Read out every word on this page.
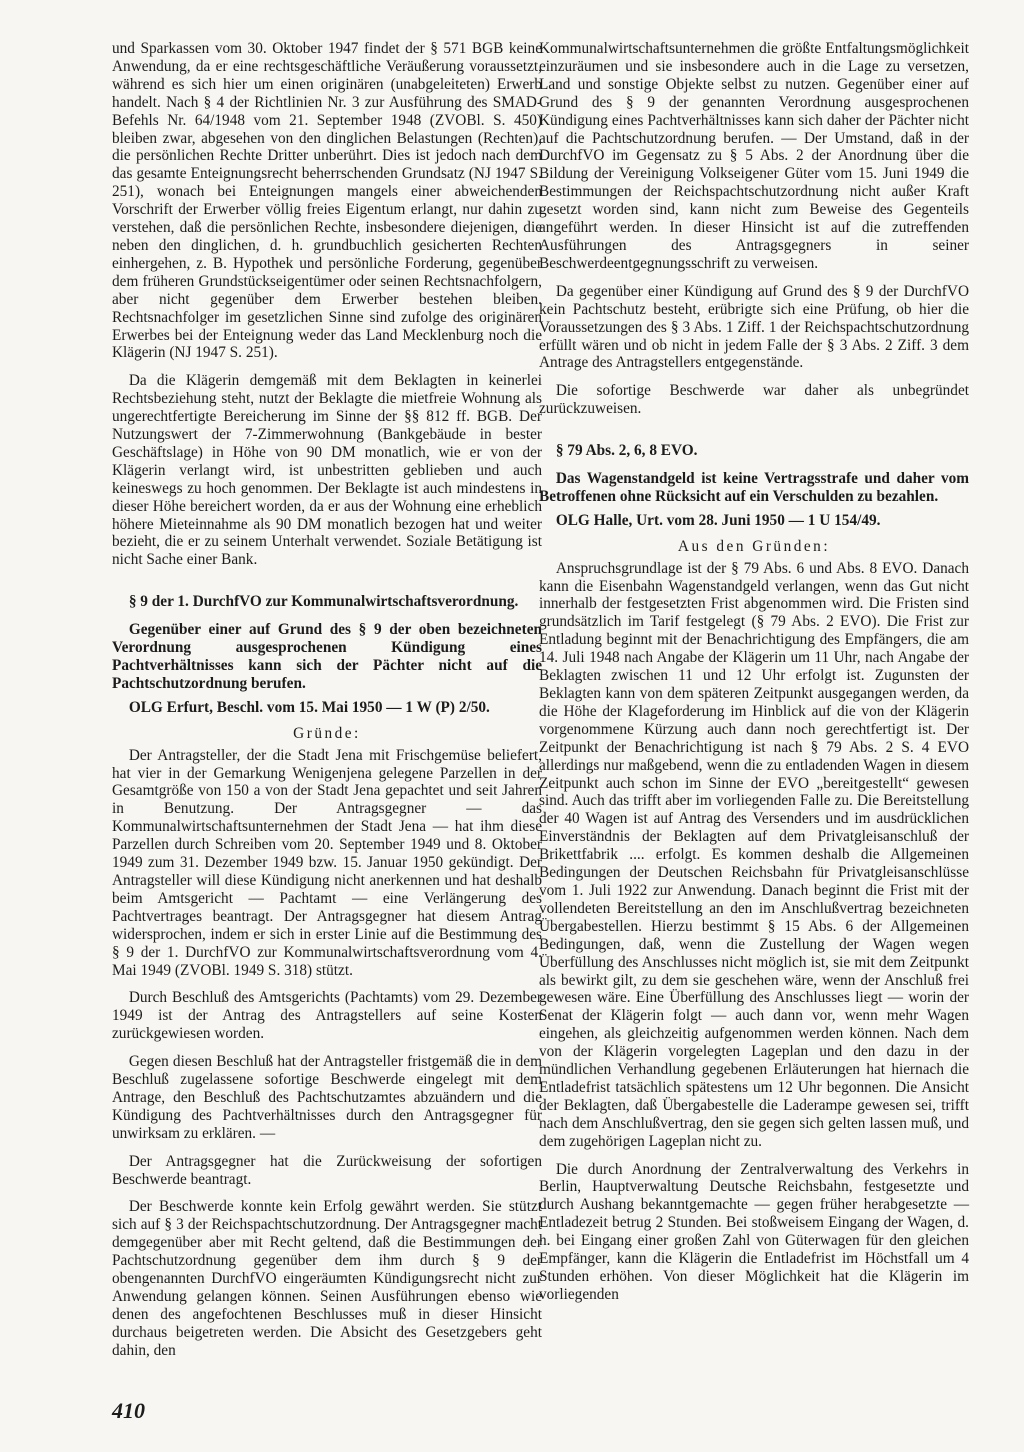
und Sparkassen vom 30. Oktober 1947 findet der § 571 BGB keine Anwendung, da er eine rechtsgeschäftliche Veräußerung voraussetzt, während es sich hier um einen originären (unabgeleiteten) Erwerb handelt. Nach § 4 der Richtlinien Nr. 3 zur Ausführung des SMAD-Befehls Nr. 64/1948 vom 21. September 1948 (ZVOBl. S. 450) bleiben zwar, abgesehen von den dinglichen Belastungen (Rechten), die persönlichen Rechte Dritter unberührt. Dies ist jedoch nach dem das gesamte Enteignungsrecht beherrschenden Grundsatz (NJ 1947 S. 251), wonach bei Enteignungen mangels einer abweichenden Vorschrift der Erwerber völlig freies Eigentum erlangt, nur dahin zu verstehen, daß die persönlichen Rechte, insbesondere diejenigen, die neben den dinglichen, d. h. grundbuchlich gesicherten Rechten einhergehen, z. B. Hypothek und persönliche Forderung, gegenüber dem früheren Grundstückseigentümer oder seinen Rechtsnachfolgern, aber nicht gegenüber dem Erwerber bestehen bleiben. Rechtsnachfolger im gesetzlichen Sinne sind zufolge des originären Erwerbes bei der Enteignung weder das Land Mecklenburg noch die Klägerin (NJ 1947 S. 251).

Da die Klägerin demgemäß mit dem Beklagten in keinerlei Rechtsbeziehung steht, nutzt der Beklagte die mietfreie Wohnung als ungerechtfertigte Bereicherung im Sinne der §§ 812 ff. BGB. Der Nutzungswert der 7-Zimmerwohnung (Bankgebäude in bester Geschäftslage) in Höhe von 90 DM monatlich, wie er von der Klägerin verlangt wird, ist unbestritten geblieben und auch keineswegs zu hoch genommen. Der Beklagte ist auch mindestens in dieser Höhe bereichert worden, da er aus der Wohnung eine erheblich höhere Mieteinnahme als 90 DM monatlich bezogen hat und weiter bezieht, die er zu seinem Unterhalt verwendet. Soziale Betätigung ist nicht Sache einer Bank.

§ 9 der 1. DurchfVO zur Kommunalwirtschaftsverordnung.

Gegenüber einer auf Grund des § 9 der oben bezeichneten Verordnung ausgesprochenen Kündigung eines Pachtverhältnisses kann sich der Pächter nicht auf die Pachtschutzordnung berufen.

OLG Erfurt, Beschl. vom 15. Mai 1950 — 1 W (P) 2/50.

Gründe:

Der Antragsteller, der die Stadt Jena mit Frischgemüse beliefert, hat vier in der Gemarkung Wenigenjena gelegene Parzellen in der Gesamtgröße von 150 a von der Stadt Jena gepachtet und seit Jahren in Benutzung. Der Antragsgegner — das Kommunalwirtschaftsunternehmen der Stadt Jena — hat ihm diese Parzellen durch Schreiben vom 20. September 1949 und 8. Oktober 1949 zum 31. Dezember 1949 bzw. 15. Januar 1950 gekündigt. Der Antragsteller will diese Kündigung nicht anerkennen und hat deshalb beim Amtsgericht — Pachtamt — eine Verlängerung des Pachtvertrages beantragt. Der Antragsgegner hat diesem Antrag widersprochen, indem er sich in erster Linie auf die Bestimmung des § 9 der 1. DurchfVO zur Kommunalwirtschaftsverordnung vom 4. Mai 1949 (ZVOBl. 1949 S. 318) stützt.

Durch Beschluß des Amtsgerichts (Pachtamts) vom 29. Dezember 1949 ist der Antrag des Antragstellers auf seine Kosten zurückgewiesen worden.

Gegen diesen Beschluß hat der Antragsteller fristgemäß die in dem Beschluß zugelassene sofortige Beschwerde eingelegt mit dem Antrage, den Beschluß des Pachtschutzamtes abzuändern und die Kündigung des Pachtverhältnisses durch den Antragsgegner für unwirksam zu erklären. —

Der Antragsgegner hat die Zurückweisung der sofortigen Beschwerde beantragt.

Der Beschwerde konnte kein Erfolg gewährt werden. Sie stützt sich auf § 3 der Reichspachtschutzordnung. Der Antragsgegner macht demgegenüber aber mit Recht geltend, daß die Bestimmungen der Pachtschutzordnung gegenüber dem ihm durch § 9 der obengenannten DurchfVO eingeräumten Kündigungsrecht nicht zur Anwendung gelangen können. Seinen Ausführungen ebenso wie denen des angefochtenen Beschlusses muß in dieser Hinsicht durchaus beigetreten werden. Die Absicht des Gesetzgebers geht dahin, den

Kommunalwirtschaftsunternehmen die größte Entfaltungsmöglichkeit einzuräumen und sie insbesondere auch in die Lage zu versetzen, Land und sonstige Objekte selbst zu nutzen. Gegenüber einer auf Grund des § 9 der genannten Verordnung ausgesprochenen Kündigung eines Pachtverhältnisses kann sich daher der Pächter nicht auf die Pachtschutzordnung berufen. — Der Umstand, daß in der DurchfVO im Gegensatz zu § 5 Abs. 2 der Anordnung über die Bildung der Vereinigung Volkseigener Güter vom 15. Juni 1949 die Bestimmungen der Reichspachtschutzordnung nicht außer Kraft gesetzt worden sind, kann nicht zum Beweise des Gegenteils angeführt werden. In dieser Hinsicht ist auf die zutreffenden Ausführungen des Antragsgegners in seiner Beschwerdeentgegnungsschrift zu verweisen.

Da gegenüber einer Kündigung auf Grund des § 9 der DurchfVO kein Pachtschutz besteht, erübrigte sich eine Prüfung, ob hier die Voraussetzungen des § 3 Abs. 1 Ziff. 1 der Reichspachtschutzordnung erfüllt wären und ob nicht in jedem Falle der § 3 Abs. 2 Ziff. 3 dem Antrage des Antragstellers entgegenstände.

Die sofortige Beschwerde war daher als unbegründet zurückzuweisen.

§ 79 Abs. 2, 6, 8 EVO.

Das Wagenstandgeld ist keine Vertragsstrafe und daher vom Betroffenen ohne Rücksicht auf ein Verschulden zu bezahlen.

OLG Halle, Urt. vom 28. Juni 1950 — 1 U 154/49.

Aus den Gründen:

Anspruchsgrundlage ist der § 79 Abs. 6 und Abs. 8 EVO. Danach kann die Eisenbahn Wagenstandgeld verlangen, wenn das Gut nicht innerhalb der festgesetzten Frist abgenommen wird. Die Fristen sind grundsätzlich im Tarif festgelegt (§ 79 Abs. 2 EVO). Die Frist zur Entladung beginnt mit der Benachrichtigung des Empfängers, die am 14. Juli 1948 nach Angabe der Klägerin um 11 Uhr, nach Angabe der Beklagten zwischen 11 und 12 Uhr erfolgt ist. Zugunsten der Beklagten kann von dem späteren Zeitpunkt ausgegangen werden, da die Höhe der Klageforderung im Hinblick auf die von der Klägerin vorgenommene Kürzung auch dann noch gerechtfertigt ist. Der Zeitpunkt der Benachrichtigung ist nach § 79 Abs. 2 S. 4 EVO allerdings nur maßgebend, wenn die zu entladenden Wagen in diesem Zeitpunkt auch schon im Sinne der EVO „bereitgestellt“ gewesen sind. Auch das trifft aber im vorliegenden Falle zu. Die Bereitstellung der 40 Wagen ist auf Antrag des Versenders und im ausdrücklichen Einverständnis der Beklagten auf dem Privatgleisanschluß der Brikettfabrik .... erfolgt. Es kommen deshalb die Allgemeinen Bedingungen der Deutschen Reichsbahn für Privatgleisanschlüsse vom 1. Juli 1922 zur Anwendung. Danach beginnt die Frist mit der vollendeten Bereitstellung an den im Anschlußvertrag bezeichneten Übergabestellen. Hierzu bestimmt § 15 Abs. 6 der Allgemeinen Bedingungen, daß, wenn die Zustellung der Wagen wegen Überfüllung des Anschlusses nicht möglich ist, sie mit dem Zeitpunkt als bewirkt gilt, zu dem sie geschehen wäre, wenn der Anschluß frei gewesen wäre. Eine Überfüllung des Anschlusses liegt — worin der Senat der Klägerin folgt — auch dann vor, wenn mehr Wagen eingehen, als gleichzeitig aufgenommen werden können. Nach dem von der Klägerin vorgelegten Lageplan und den dazu in der mündlichen Verhandlung gegebenen Erläuterungen hat hiernach die Entladefrist tatsächlich spätestens um 12 Uhr begonnen. Die Ansicht der Beklagten, daß Übergabestelle die Laderampe gewesen sei, trifft nach dem Anschlußvertrag, den sie gegen sich gelten lassen muß, und dem zugehörigen Lageplan nicht zu.

Die durch Anordnung der Zentralverwaltung des Verkehrs in Berlin, Hauptverwaltung Deutsche Reichsbahn, festgesetzte und durch Aushang bekanntgemachte — gegen früher herabgesetzte — Entladezeit betrug 2 Stunden. Bei stoßweisem Eingang der Wagen, d. h. bei Eingang einer großen Zahl von Güterwagen für den gleichen Empfänger, kann die Klägerin die Entladefrist im Höchstfall um 4 Stunden erhöhen. Von dieser Möglichkeit hat die Klägerin im vorliegenden

410
